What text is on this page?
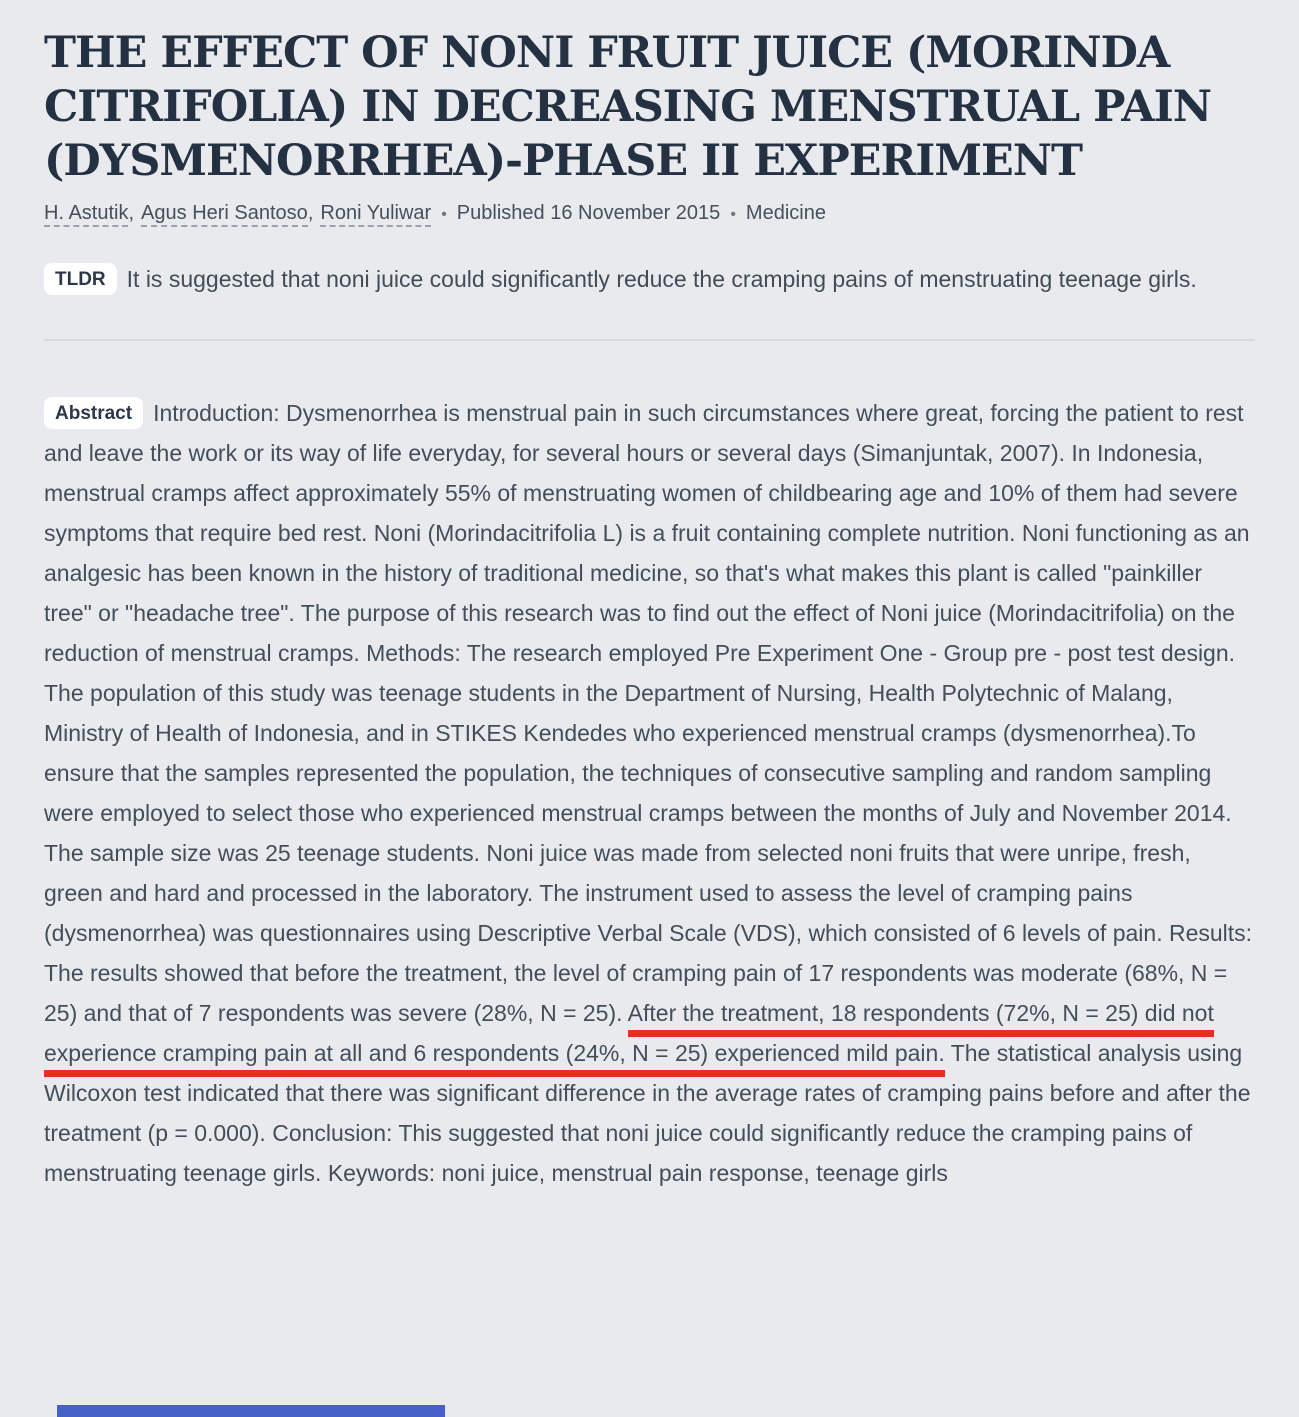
THE EFFECT OF NONI FRUIT JUICE (MORINDA CITRIFOLIA) IN DECREASING MENSTRUAL PAIN (DYSMENORRHEA)-PHASE II EXPERIMENT
H. Astutik, Agus Heri Santoso, Roni Yuliwar • Published 16 November 2015 • Medicine

TLDR It is suggested that noni juice could significantly reduce the cramping pains of menstruating teenage girls.

Abstract Introduction: Dysmenorrhea is menstrual pain in such circumstances where great, forcing the patient to rest and leave the work or its way of life everyday, for several hours or several days (Simanjuntak, 2007). In Indonesia, menstrual cramps affect approximately 55% of menstruating women of childbearing age and 10% of them had severe symptoms that require bed rest. Noni (Morindacitrifolia L) is a fruit containing complete nutrition. Noni functioning as an analgesic has been known in the history of traditional medicine, so that's what makes this plant is called "painkiller tree" or "headache tree". The purpose of this research was to find out the effect of Noni juice (Morindacitrifolia) on the reduction of menstrual cramps. Methods: The research employed Pre Experiment One - Group pre - post test design. The population of this study was teenage students in the Department of Nursing, Health Polytechnic of Malang, Ministry of Health of Indonesia, and in STIKES Kendedes who experienced menstrual cramps (dysmenorrhea).To ensure that the samples represented the population, the techniques of consecutive sampling and random sampling were employed to select those who experienced menstrual cramps between the months of July and November 2014. The sample size was 25 teenage students. Noni juice was made from selected noni fruits that were unripe, fresh, green and hard and processed in the laboratory. The instrument used to assess the level of cramping pains (dysmenorrhea) was questionnaires using Descriptive Verbal Scale (VDS), which consisted of 6 levels of pain. Results: The results showed that before the treatment, the level of cramping pain of 17 respondents was moderate (68%, N = 25) and that of 7 respondents was severe (28%, N = 25). After the treatment, 18 respondents (72%, N = 25) did not experience cramping pain at all and 6 respondents (24%, N = 25) experienced mild pain. The statistical analysis using Wilcoxon test indicated that there was significant difference in the average rates of cramping pains before and after the treatment (p = 0.000). Conclusion: This suggested that noni juice could significantly reduce the cramping pains of menstruating teenage girls. Keywords: noni juice, menstrual pain response, teenage girls
